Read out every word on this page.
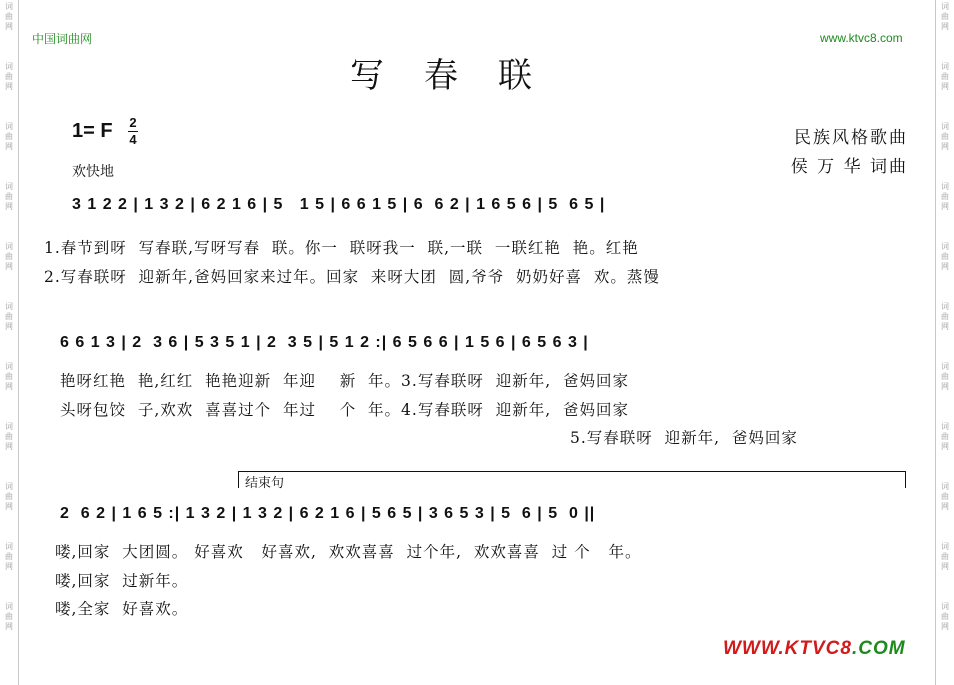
词
曲
网
词
曲
网
词
曲
网
词
曲
网
词
曲
网
词
曲
网
词
曲
网
词
曲
网
词
曲
网
词
曲
网
词
曲
网
词
曲
网
词
曲
网
词
曲
网
词
曲
网
词
曲
网
词
曲
网
词
曲
网
词
曲
网
词
曲
网
词
曲
网
词
曲
网
中国词曲网	www.ktvc8.com
写春联
1= F 2
4
欢快地
民族风格歌曲
侯 万 华 词曲
3 1 2 2 | 1 3 2 | 6 2 1 6 | 5   1 5 | 6 6 1 5 | 6  6 2 | 1 6 5 6 | 5  6 5 |
1.春节到呀  写春联,写呀写春  联。你一  联呀我一  联,一联  一联红艳  艳。红艳
2.写春联呀  迎新年,爸妈回家来过年。回家  来呀大团  圆,爷爷  奶奶好喜  欢。蒸馒
6 6 1 3 | 2  3 6 | 5 3 5 1 | 2  3 5 | 5 1 2 :| 6 5 6 6 | 1 5 6 | 6 5 6 3 |
艳呀红艳  艳,红红  艳艳迎新  年迎    新  年。3.写春联呀  迎新年,  爸妈回家
头呀包饺  子,欢欢  喜喜过个  年过    个  年。4.写春联呀  迎新年,  爸妈回家
5.写春联呀  迎新年,  爸妈回家
结束句
2  6 2 | 1 6 5 :| 1 3 2 | 1 3 2 | 6 2 1 6 | 5 6 5 | 3 6 5 3 | 5  6 | 5  0 ||
喽,回家  大团圆。 好喜欢   好喜欢,  欢欢喜喜  过个年,  欢欢喜喜  过 个   年。
喽,回家  过新年。
喽,全家  好喜欢。
WWW.KTVC8.COM
